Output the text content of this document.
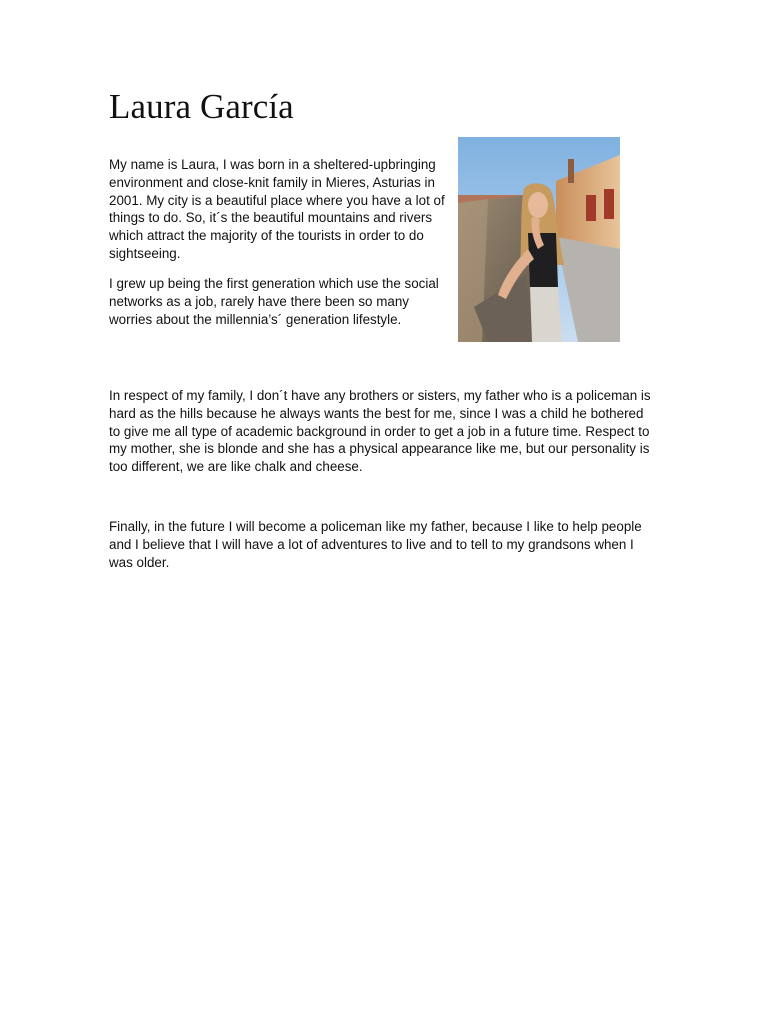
Laura García

My name is Laura, I was born in a sheltered-upbringing environment and close-knit family in Mieres, Asturias in 2001. My city is a beautiful place where you have a lot of things to do. So, it´s the beautiful mountains and rivers which attract the majority of the tourists in order to do sightseeing.

I grew up being the first generation which use the social networks as a job, rarely have there been so many worries about the millennia’s´ generation lifestyle.

In respect of my family, I don´t have any brothers or sisters, my father who is a policeman is hard as the hills because he always wants the best for me, since I was a child he bothered to give me all type of academic background in order to get a job in a future time. Respect to my mother, she is blonde and she has a physical appearance like me, but our personality is too different, we are like chalk and cheese.

Finally, in the future I will become a policeman like my father, because I like to help people and I believe that I will have a lot of adventures to live and to tell to my grandsons when I was older.
